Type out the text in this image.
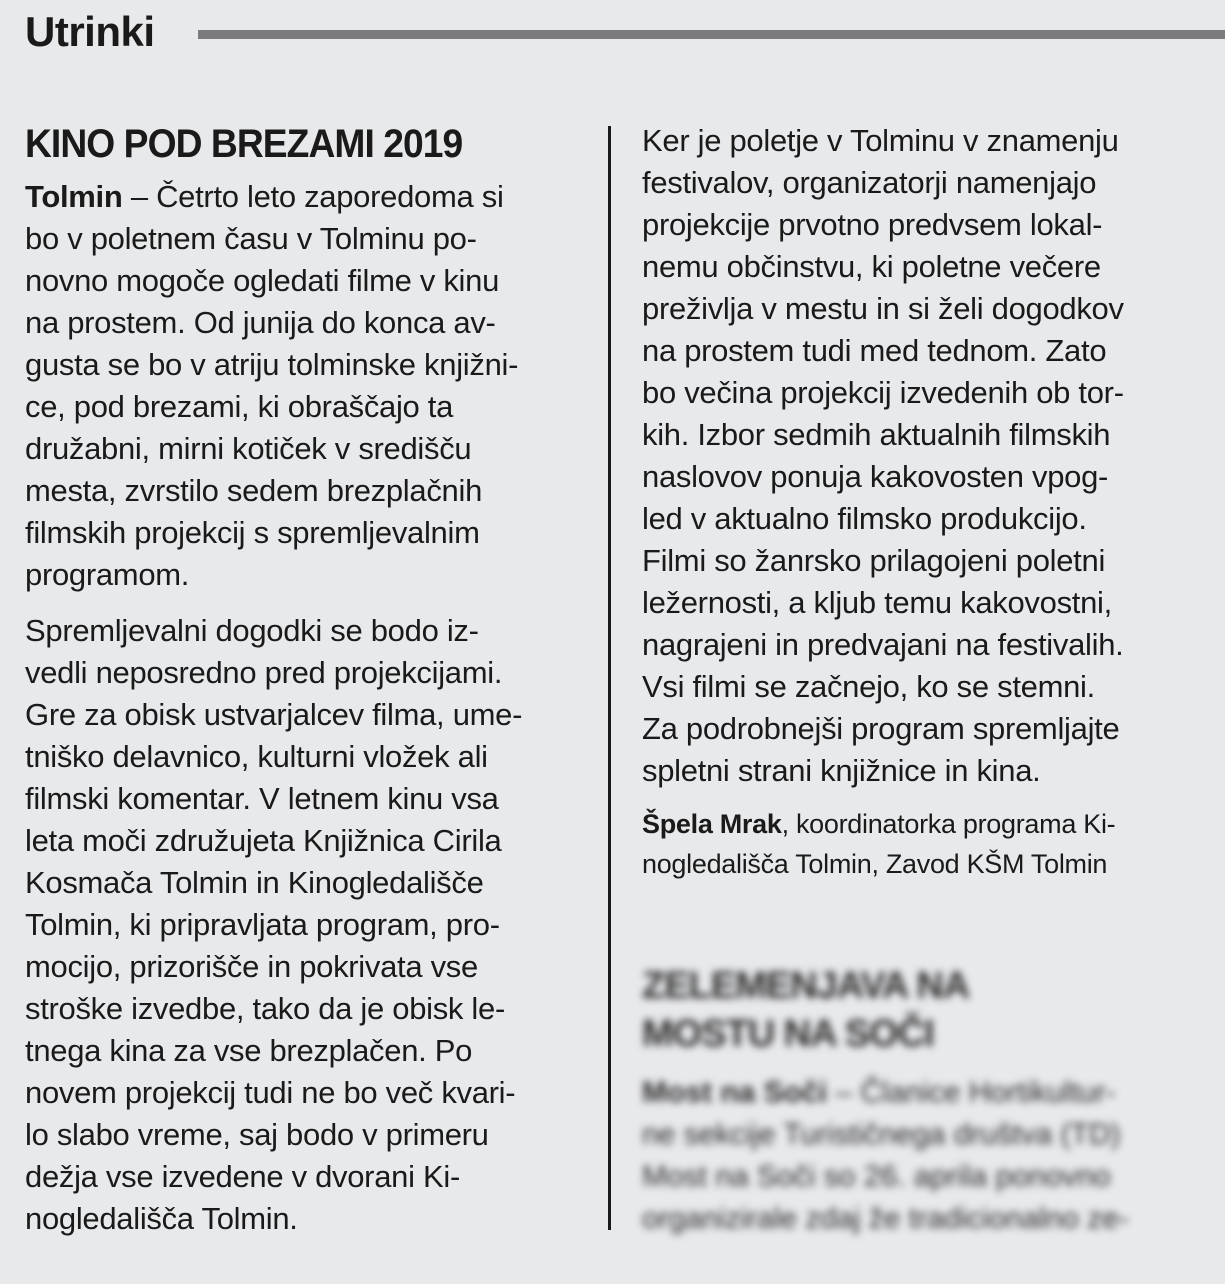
Utrinki
KINO POD BREZAMI 2019

Tolmin – Četrto leto zaporedoma si
bo v poletnem času v Tolminu po-
novno mogoče ogledati filme v kinu
na prostem. Od junija do konca av-
gusta se bo v atriju tolminske knjižni-
ce, pod brezami, ki obraščajo ta
družabni, mirni kotiček v središču
mesta, zvrstilo sedem brezplačnih
filmskih projekcij s spremljevalnim
programom.

Spremljevalni dogodki se bodo iz-
vedli neposredno pred projekcijami.
Gre za obisk ustvarjalcev filma, ume-
tniško delavnico, kulturni vložek ali
filmski komentar. V letnem kinu vsa
leta moči združujeta Knjižnica Cirila
Kosmača Tolmin in Kinogledališče
Tolmin, ki pripravljata program, pro-
mocijo, prizorišče in pokrivata vse
stroške izvedbe, tako da je obisk le-
tnega kina za vse brezplačen. Po
novem projekcij tudi ne bo več kvari-
lo slabo vreme, saj bodo v primeru
dežja vse izvedene v dvorani Ki-
nogledališča Tolmin.

Ker je poletje v Tolminu v znamenju
festivalov, organizatorji namenjajo
projekcije prvotno predvsem lokal-
nemu občinstvu, ki poletne večere
preživlja v mestu in si želi dogodkov
na prostem tudi med tednom. Zato
bo večina projekcij izvedenih ob tor-
kih. Izbor sedmih aktualnih filmskih
naslovov ponuja kakovosten vpog-
led v aktualno filmsko produkcijo.
Filmi so žanrsko prilagojeni poletni
ležernosti, a kljub temu kakovostni,
nagrajeni in predvajani na festivalih.
Vsi filmi se začnejo, ko se stemni.
Za podrobnejši program spremljajte
spletni strani knjižnice in kina.

Špela Mrak, koordinatorka programa Ki-
nogledališča Tolmin, Zavod KŠM Tolmin
ZELEMENJAVA NA
MOSTU NA SOČI
Most na Soči – Članice Hortikultur-
ne sekcije Turističnega društva (TD)
Most na Soči so 26. aprila ponovno
organizirale zdaj že tradicionalno ze-
